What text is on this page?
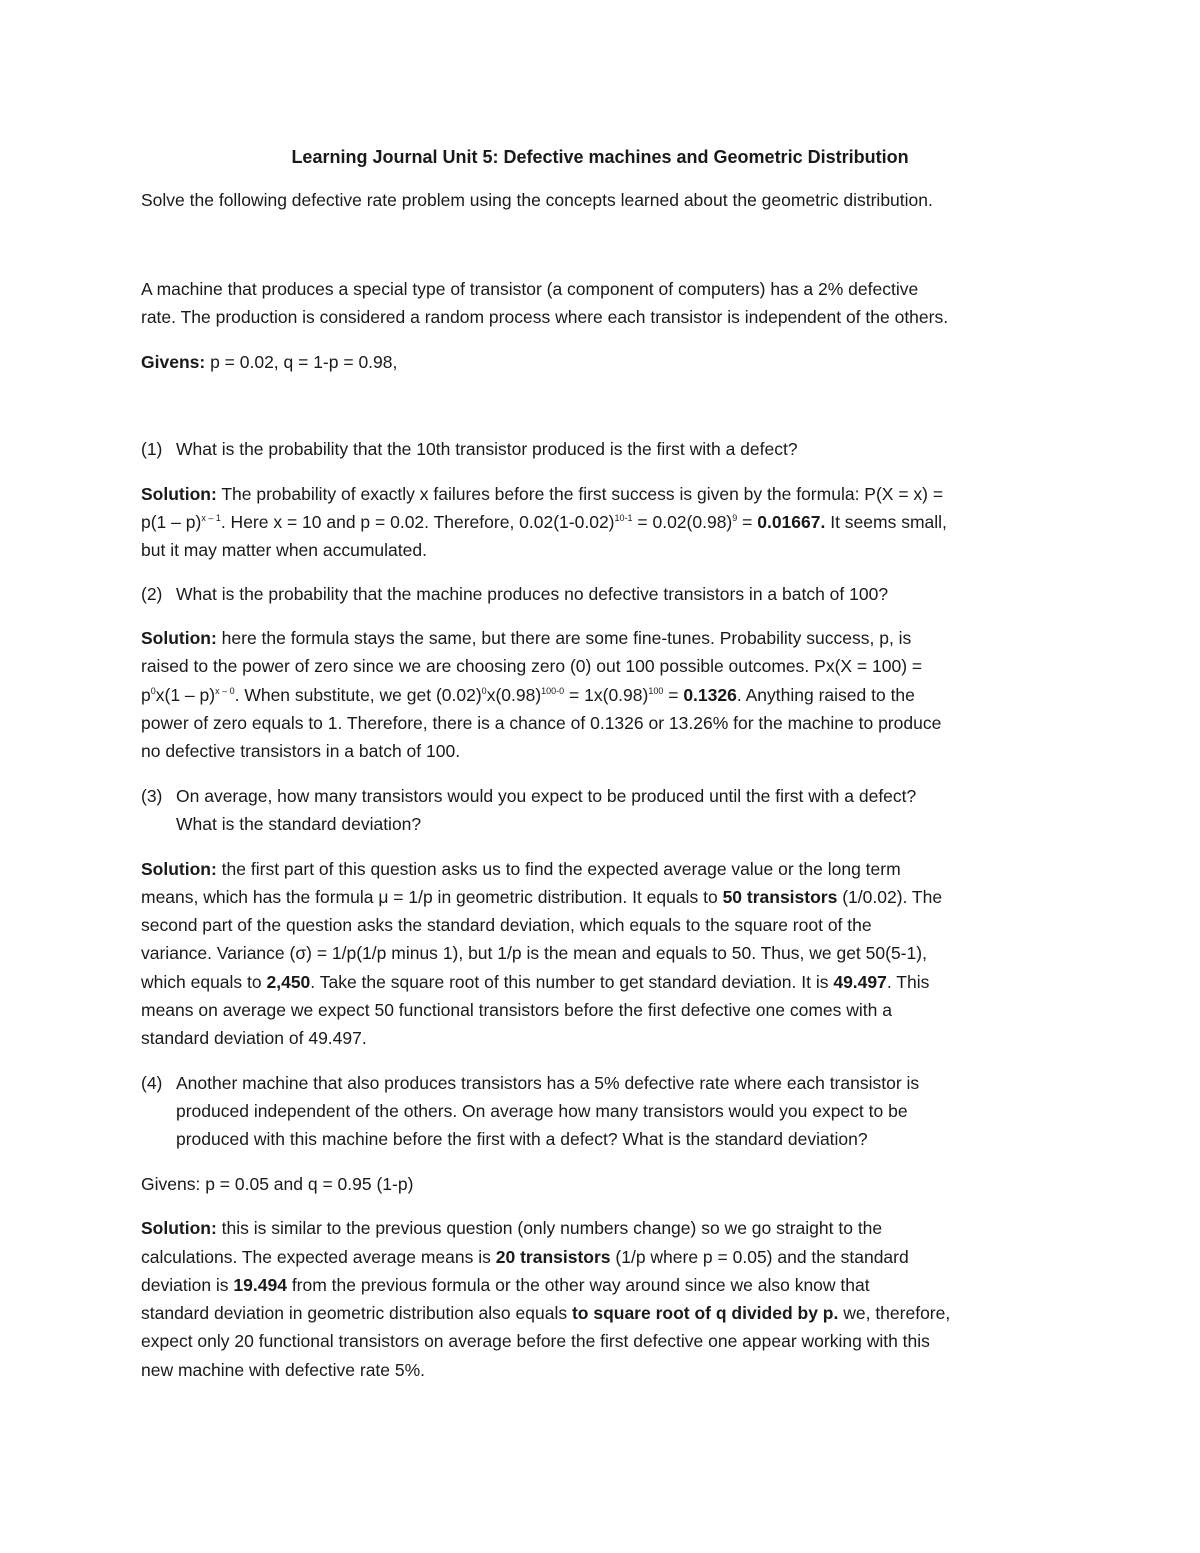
Learning Journal Unit 5: Defective machines and Geometric Distribution
Solve the following defective rate problem using the concepts learned about the geometric distribution.
A machine that produces a special type of transistor (a component of computers) has a 2% defective
rate. The production is considered a random process where each transistor is independent of the others.
Givens: p = 0.02, q = 1-p = 0.98,
(1) What is the probability that the 10th transistor produced is the first with a defect?
Solution: The probability of exactly x failures before the first success is given by the formula: P(X = x) =
p(1 – p)$^{x - 1}$. Here x = 10 and p = 0.02. Therefore, $0.02(1-0.02)^{10-1} = 0.02(0.98)^9 = 0.01667$. It seems small,
but it may matter when accumulated.
(2) What is the probability that the machine produces no defective transistors in a batch of 100?
Solution: here the formula stays the same, but there are some fine-tunes. Probability success, p, is
raised to the power of zero since we are choosing zero (0) out 100 possible outcomes. Px(X = 100) =
$p^0x(1 - p)^{x - 0}$. When substitute, we get $(0.02)^0x(0.98)^{100-0} = 1x(0.98)^{100} = 0.1326$. Anything raised to the
power of zero equals to 1. Therefore, there is a chance of 0.1326 or 13.26% for the machine to produce
no defective transistors in a batch of 100.
(3) On average, how many transistors would you expect to be produced until the first with a defect?
What is the standard deviation?
Solution: the first part of this question asks us to find the expected average value or the long term
means, which has the formula μ = 1/p in geometric distribution. It equals to 50 transistors (1/0.02). The
second part of the question asks the standard deviation, which equals to the square root of the
variance. Variance (σ) = 1/p(1/p minus 1), but 1/p is the mean and equals to 50. Thus, we get 50(5-1),
which equals to 2,450. Take the square root of this number to get standard deviation. It is 49.497. This
means on average we expect 50 functional transistors before the first defective one comes with a
standard deviation of 49.497.
(4) Another machine that also produces transistors has a 5% defective rate where each transistor is
produced independent of the others. On average how many transistors would you expect to be
produced with this machine before the first with a defect? What is the standard deviation?
Givens: p = 0.05 and q = 0.95 (1-p)
Solution: this is similar to the previous question (only numbers change) so we go straight to the
calculations. The expected average means is 20 transistors (1/p where p = 0.05) and the standard
deviation is 19.494 from the previous formula or the other way around since we also know that
standard deviation in geometric distribution also equals to square root of q divided by p. we, therefore,
expect only 20 functional transistors on average before the first defective one appear working with this
new machine with defective rate 5%.
